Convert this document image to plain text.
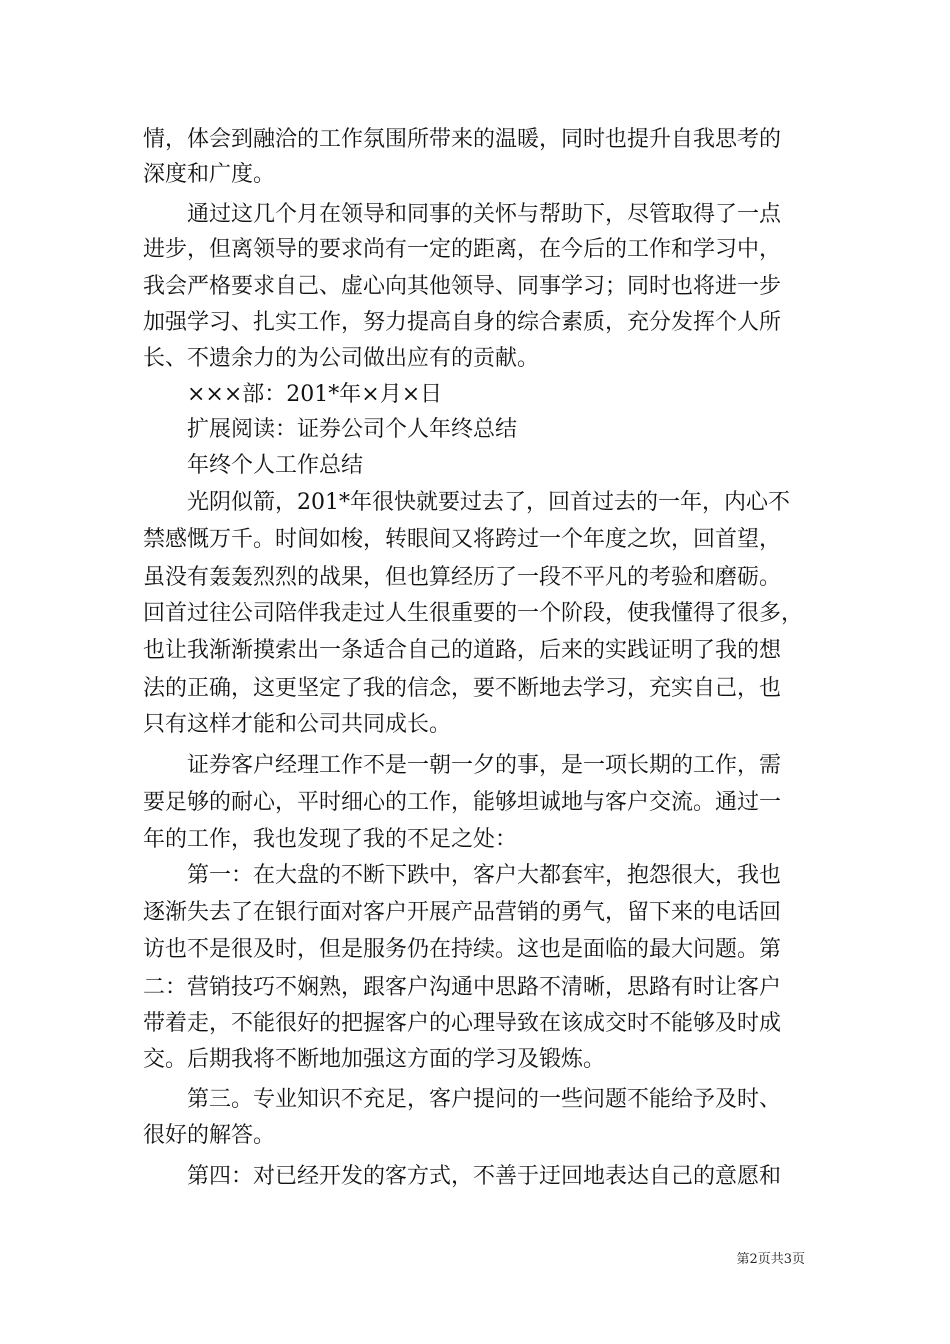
情，体会到融洽的工作氛围所带来的温暖，同时也提升自我思考的
深度和广度。
通过这几个月在领导和同事的关怀与帮助下，尽管取得了一点
进步，但离领导的要求尚有一定的距离，在今后的工作和学习中，
我会严格要求自己、虚心向其他领导、同事学习；同时也将进一步
加强学习、扎实工作，努力提高自身的综合素质，充分发挥个人所
长、不遗余力的为公司做出应有的贡献。
×××部：201*年×月×日
扩展阅读：证券公司个人年终总结
年终个人工作总结
光阴似箭，201*年很快就要过去了，回首过去的一年，内心不
禁感慨万千。时间如梭，转眼间又将跨过一个年度之坎，回首望，
虽没有轰轰烈烈的战果，但也算经历了一段不平凡的考验和磨砺。
回首过往公司陪伴我走过人生很重要的一个阶段，使我懂得了很多，
也让我渐渐摸索出一条适合自己的道路，后来的实践证明了我的想
法的正确，这更坚定了我的信念，要不断地去学习，充实自己，也
只有这样才能和公司共同成长。
证券客户经理工作不是一朝一夕的事，是一项长期的工作，需
要足够的耐心，平时细心的工作，能够坦诚地与客户交流。通过一
年的工作，我也发现了我的不足之处：
第一：在大盘的不断下跌中，客户大都套牢，抱怨很大，我也
逐渐失去了在银行面对客户开展产品营销的勇气，留下来的电话回
访也不是很及时，但是服务仍在持续。这也是面临的最大问题。第
二：营销技巧不娴熟，跟客户沟通中思路不清晰，思路有时让客户
带着走，不能很好的把握客户的心理导致在该成交时不能够及时成
交。后期我将不断地加强这方面的学习及锻炼。
第三。专业知识不充足，客户提问的一些问题不能给予及时、
很好的解答。
第四：对已经开发的客方式，不善于迂回地表达自己的意愿和
第2页共3页
